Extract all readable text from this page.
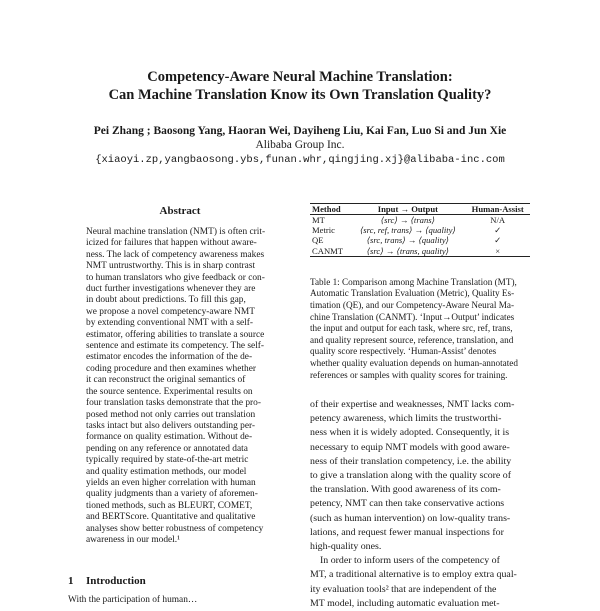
Competency-Aware Neural Machine Translation:
Can Machine Translation Know its Own Translation Quality?
Pei Zhang ; Baosong Yang, Haoran Wei, Dayiheng Liu, Kai Fan, Luo Si and Jun Xie
Alibaba Group Inc.
{xiaoyi.zp,yangbaosong.ybs,funan.whr,qingjing.xj}@alibaba-inc.com
Abstract
Neural machine translation (NMT) is often crit-
icized for failures that happen without aware-
ness. The lack of competency awareness makes
NMT untrustworthy. This is in sharp contrast
to human translators who give feedback or con-
duct further investigations whenever they are
in doubt about predictions. To fill this gap,
we propose a novel competency-aware NMT
by extending conventional NMT with a self-
estimator, offering abilities to translate a source
sentence and estimate its competency. The self-
estimator encodes the information of the de-
coding procedure and then examines whether
it can reconstruct the original semantics of
the source sentence. Experimental results on
four translation tasks demonstrate that the pro-
posed method not only carries out translation
tasks intact but also delivers outstanding per-
formance on quality estimation. Without de-
pending on any reference or annotated data
typically required by state-of-the-art metric
and quality estimation methods, our model
yields an even higher correlation with human
quality judgments than a variety of aforemen-
tioned methods, such as BLEURT, COMET,
and BERTScore. Quantitative and qualitative
analyses show better robustness of competency
awareness in our model.¹
1 Introduction
With the participation of human…
Method	Input → Output	Human-Assist
MT	⟨src⟩ → ⟨trans⟩	N/A
Metric	⟨src, ref, trans⟩ → ⟨quality⟩	✓
QE	⟨src, trans⟩ → ⟨quality⟩	✓
CANMT	⟨src⟩ → ⟨trans, quality⟩	×
Table 1: Comparison among Machine Translation (MT),
Automatic Translation Evaluation (Metric), Quality Es-
timation (QE), and our Competency-Aware Neural Ma-
chine Translation (CANMT). ‘Input→Output’ indicates
the input and output for each task, where src, ref, trans,
and quality represent source, reference, translation, and
quality score respectively. ‘Human-Assist’ denotes
whether quality evaluation depends on human-annotated
references or samples with quality scores for training.
of their expertise and weaknesses, NMT lacks com-
petency awareness, which limits the trustworthi-
ness when it is widely adopted. Consequently, it is
necessary to equip NMT models with good aware-
ness of their translation competency, i.e. the ability
to give a translation along with the quality score of
the translation. With good awareness of its com-
petency, NMT can then take conservative actions
(such as human intervention) on low-quality trans-
lations, and request fewer manual inspections for
high-quality ones.
In order to inform users of the competency of
MT, a traditional alternative is to employ extra qual-
ity evaluation tools² that are independent of the
MT model, including automatic evaluation met-
